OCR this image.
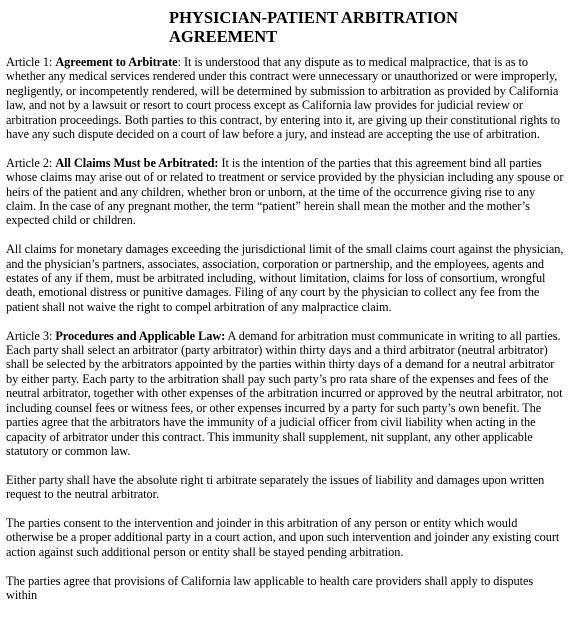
PHYSICIAN-PATIENT ARBITRATION
AGREEMENT

Article 1: Agreement to Arbitrate: It is understood that any dispute as to medical malpractice, that is as to whether any medical services rendered under this contract were unnecessary or unauthorized or were improperly, negligently, or incompetently rendered, will be determined by submission to arbitration as provided by California law, and not by a lawsuit or resort to court process except as California law provides for judicial review or arbitration proceedings. Both parties to this contract, by entering into it, are giving up their constitutional rights to have any such dispute decided on a court of law before a jury, and instead are accepting the use of arbitration.

Article 2: All Claims Must be Arbitrated: It is the intention of the parties that this agreement bind all parties whose claims may arise out of or related to treatment or service provided by the physician including any spouse or heirs of the patient and any children, whether bron or unborn, at the time of the occurrence giving rise to any claim. In the case of any pregnant mother, the term “patient” herein shall mean the mother and the mother’s expected child or children.

All claims for monetary damages exceeding the jurisdictional limit of the small claims court against the physician, and the physician’s partners, associates, association, corporation or partnership, and the employees, agents and estates of any if them, must be arbitrated including, without limitation, claims for loss of consortium, wrongful death, emotional distress or punitive damages. Filing of any court by the physician to collect any fee from the patient shall not waive the right to compel arbitration of any malpractice claim.

Article 3: Procedures and Applicable Law: A demand for arbitration must communicate in writing to all parties. Each party shall select an arbitrator (party arbitrator) within thirty days and a third arbitrator (neutral arbitrator) shall be selected by the arbitrators appointed by the parties within thirty days of a demand for a neutral arbitrator by either party. Each party to the arbitration shall pay such party’s pro rata share of the expenses and fees of the neutral arbitrator, together with other expenses of the arbitration incurred or approved by the neutral arbitrator, not including counsel fees or witness fees, or other expenses incurred by a party for such party’s own benefit. The parties agree that the arbitrators have the immunity of a judicial officer from civil liability when acting in the capacity of arbitrator under this contract. This immunity shall supplement, nit supplant, any other applicable statutory or common law.

Either party shall have the absolute right ti arbitrate separately the issues of liability and damages upon written request to the neutral arbitrator.

The parties consent to the intervention and joinder in this arbitration of any person or entity which would otherwise be a proper additional party in a court action, and upon such intervention and joinder any existing court action against such additional person or entity shall be stayed pending arbitration.

The parties agree that provisions of California law applicable to health care providers shall apply to disputes within
